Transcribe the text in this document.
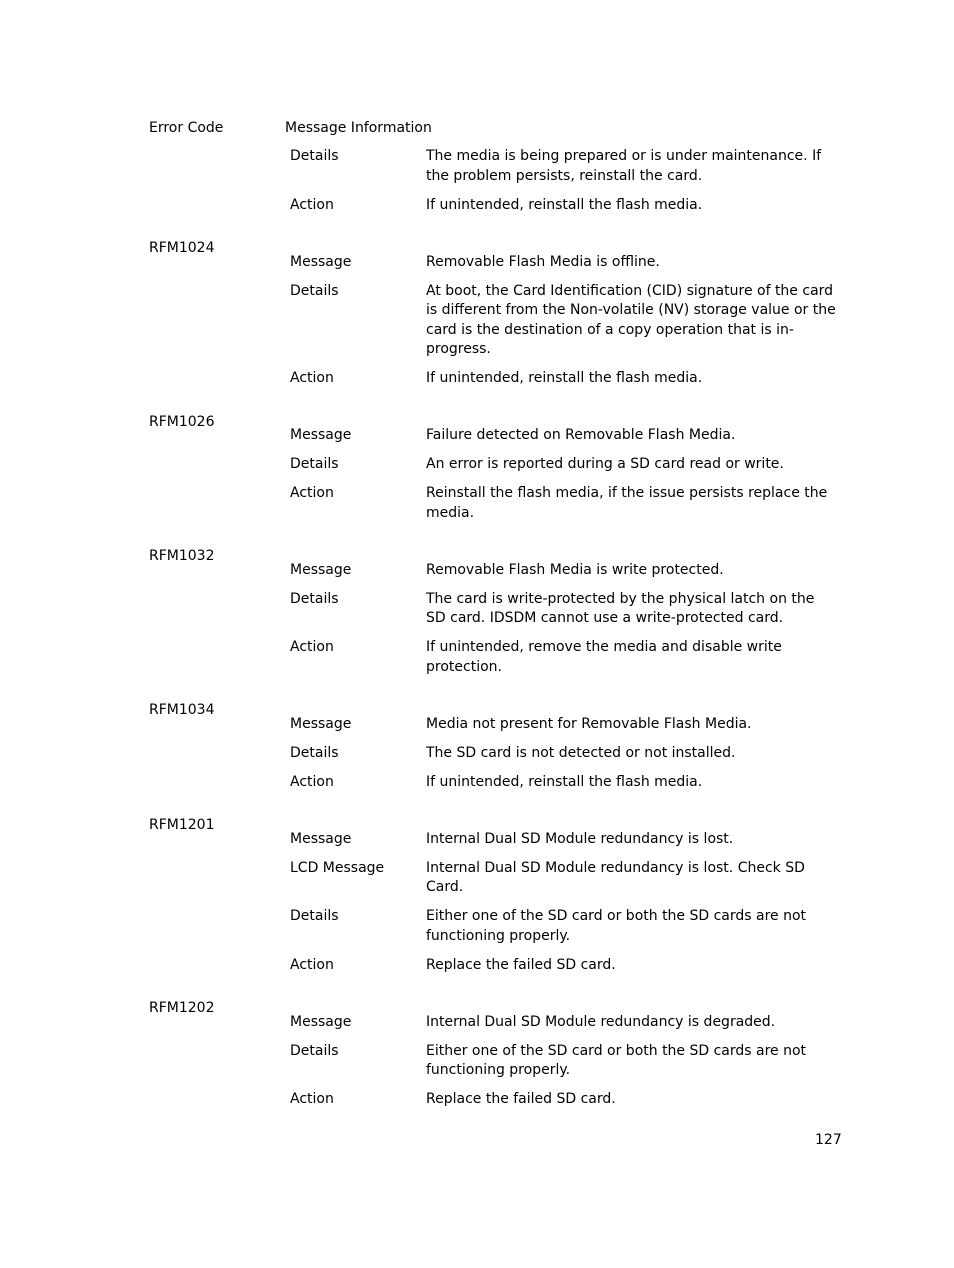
Error Code	Message Information
Details	The media is being prepared or is under maintenance. If the problem persists, reinstall the card.
Action	If unintended, reinstall the flash media.
RFM1024
Message	Removable Flash Media is offline.
Details	At boot, the Card Identification (CID) signature of the card is different from the Non-volatile (NV) storage value or the card is the destination of a copy operation that is in-progress.
Action	If unintended, reinstall the flash media.
RFM1026
Message	Failure detected on Removable Flash Media.
Details	An error is reported during a SD card read or write.
Action	Reinstall the flash media, if the issue persists replace the media.
RFM1032
Message	Removable Flash Media is write protected.
Details	The card is write-protected by the physical latch on the SD card. IDSDM cannot use a write-protected card.
Action	If unintended, remove the media and disable write protection.
RFM1034
Message	Media not present for Removable Flash Media.
Details	The SD card is not detected or not installed.
Action	If unintended, reinstall the flash media.
RFM1201
Message	Internal Dual SD Module redundancy is lost.
LCD Message	Internal Dual SD Module redundancy is lost. Check SD Card.
Details	Either one of the SD card or both the SD cards are not functioning properly.
Action	Replace the failed SD card.
RFM1202
Message	Internal Dual SD Module redundancy is degraded.
Details	Either one of the SD card or both the SD cards are not functioning properly.
Action	Replace the failed SD card.
127
